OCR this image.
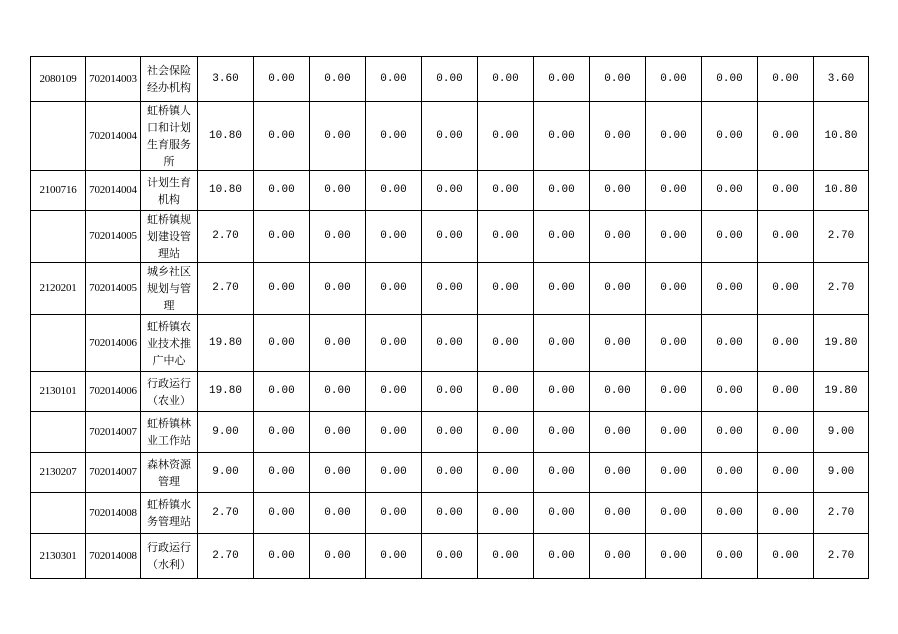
2080109	702014003	社会保险经办机构	3.60	0.00	0.00	0.00	0.00	0.00	0.00	0.00	0.00	0.00	0.00	3.60
	702014004	虹桥镇人口和计划生育服务所	10.80	0.00	0.00	0.00	0.00	0.00	0.00	0.00	0.00	0.00	0.00	10.80
2100716	702014004	计划生育机构	10.80	0.00	0.00	0.00	0.00	0.00	0.00	0.00	0.00	0.00	0.00	10.80
	702014005	虹桥镇规划建设管理站	2.70	0.00	0.00	0.00	0.00	0.00	0.00	0.00	0.00	0.00	0.00	2.70
2120201	702014005	城乡社区规划与管理	2.70	0.00	0.00	0.00	0.00	0.00	0.00	0.00	0.00	0.00	0.00	2.70
	702014006	虹桥镇农业技术推广中心	19.80	0.00	0.00	0.00	0.00	0.00	0.00	0.00	0.00	0.00	0.00	19.80
2130101	702014006	行政运行（农业）	19.80	0.00	0.00	0.00	0.00	0.00	0.00	0.00	0.00	0.00	0.00	19.80
	702014007	虹桥镇林业工作站	9.00	0.00	0.00	0.00	0.00	0.00	0.00	0.00	0.00	0.00	0.00	9.00
2130207	702014007	森林资源管理	9.00	0.00	0.00	0.00	0.00	0.00	0.00	0.00	0.00	0.00	0.00	9.00
	702014008	虹桥镇水务管理站	2.70	0.00	0.00	0.00	0.00	0.00	0.00	0.00	0.00	0.00	0.00	2.70
2130301	702014008	行政运行（水利）	2.70	0.00	0.00	0.00	0.00	0.00	0.00	0.00	0.00	0.00	0.00	2.70
